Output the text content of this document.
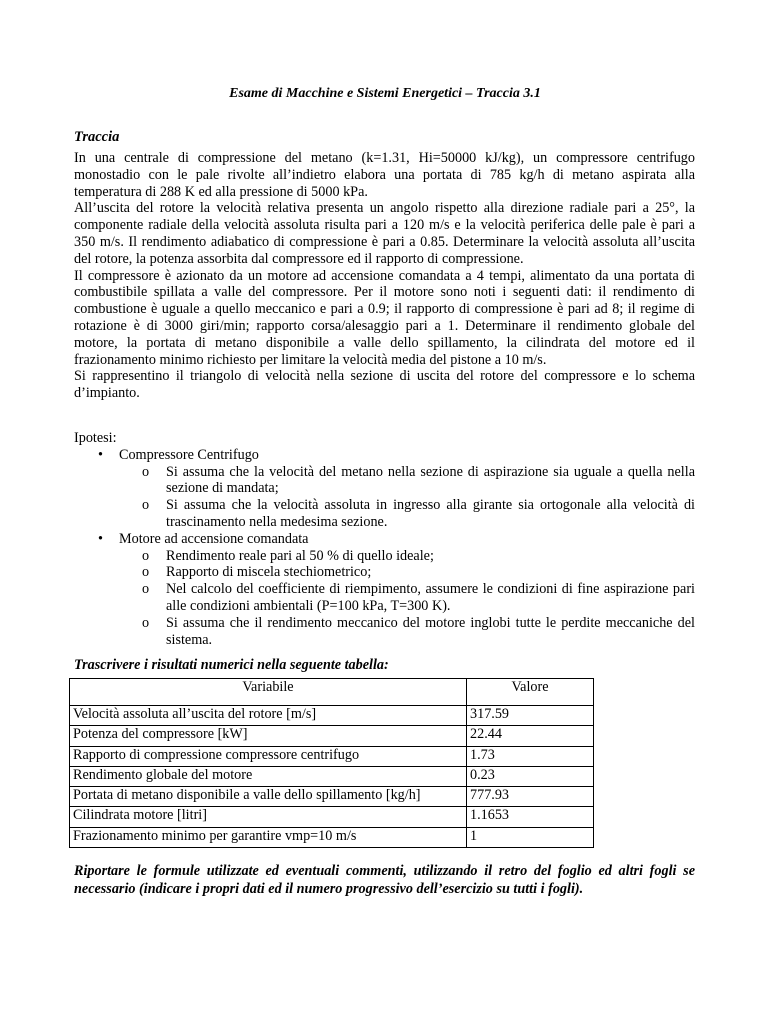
Esame di Macchine e Sistemi Energetici – Traccia 3.1
Traccia

In una centrale di compressione del metano (k=1.31, Hi=50000 kJ/kg), un compressore centrifugo monostadio con le pale rivolte all’indietro elabora una portata di 785 kg/h di metano aspirata alla temperatura di 288 K ed alla pressione di 5000 kPa.

All’uscita del rotore la velocità relativa presenta un angolo rispetto alla direzione radiale pari a 25°, la componente radiale della velocità assoluta risulta pari a 120 m/s e la velocità periferica delle pale è pari a 350 m/s. Il rendimento adiabatico di compressione è pari a 0.85. Determinare la velocità assoluta all’uscita del rotore, la potenza assorbita dal compressore ed il rapporto di compressione.

Il compressore è azionato da un motore ad accensione comandata a 4 tempi, alimentato da una portata di combustibile spillata a valle del compressore. Per il motore sono noti i seguenti dati: il rendimento di combustione è uguale a quello meccanico e pari a 0.9; il rapporto di compressione è pari ad 8; il regime di rotazione è di 3000 giri/min; rapporto corsa/alesaggio pari a 1. Determinare il rendimento globale del motore, la portata di metano disponibile a valle dello spillamento, la cilindrata del motore ed il frazionamento minimo richiesto per limitare la velocità media del pistone a 10 m/s.

Si rappresentino il triangolo di velocità nella sezione di uscita del rotore del compressore e lo schema d’impianto.

Ipotesi:

• Compressore Centrifugo
o Si assuma che la velocità del metano nella sezione di aspirazione sia uguale a quella nella sezione di mandata;
o Si assuma che la velocità assoluta in ingresso alla girante sia ortogonale alla velocità di trascinamento nella medesima sezione.
• Motore ad accensione comandata
o Rendimento reale pari al 50 % di quello ideale;
o Rapporto di miscela stechiometrico;
o Nel calcolo del coefficiente di riempimento, assumere le condizioni di fine aspirazione pari alle condizioni ambientali (P=100 kPa, T=300 K).
o Si assuma che il rendimento meccanico del motore inglobi tutte le perdite meccaniche del sistema.
Trascrivere i risultati numerici nella seguente tabella:
Variabile	Valore
Velocità assoluta all’uscita del rotore [m/s]	317.59
Potenza del compressore [kW]	22.44
Rapporto di compressione compressore centrifugo	1.73
Rendimento globale del motore	0.23
Portata di metano disponibile a valle dello spillamento [kg/h]	777.93
Cilindrata motore [litri]	1.1653
Frazionamento minimo per garantire vmp=10 m/s	1
Riportare le formule utilizzate ed eventuali commenti, utilizzando il retro del foglio ed altri fogli se necessario (indicare i propri dati ed il numero progressivo dell’esercizio su tutti i fogli).
